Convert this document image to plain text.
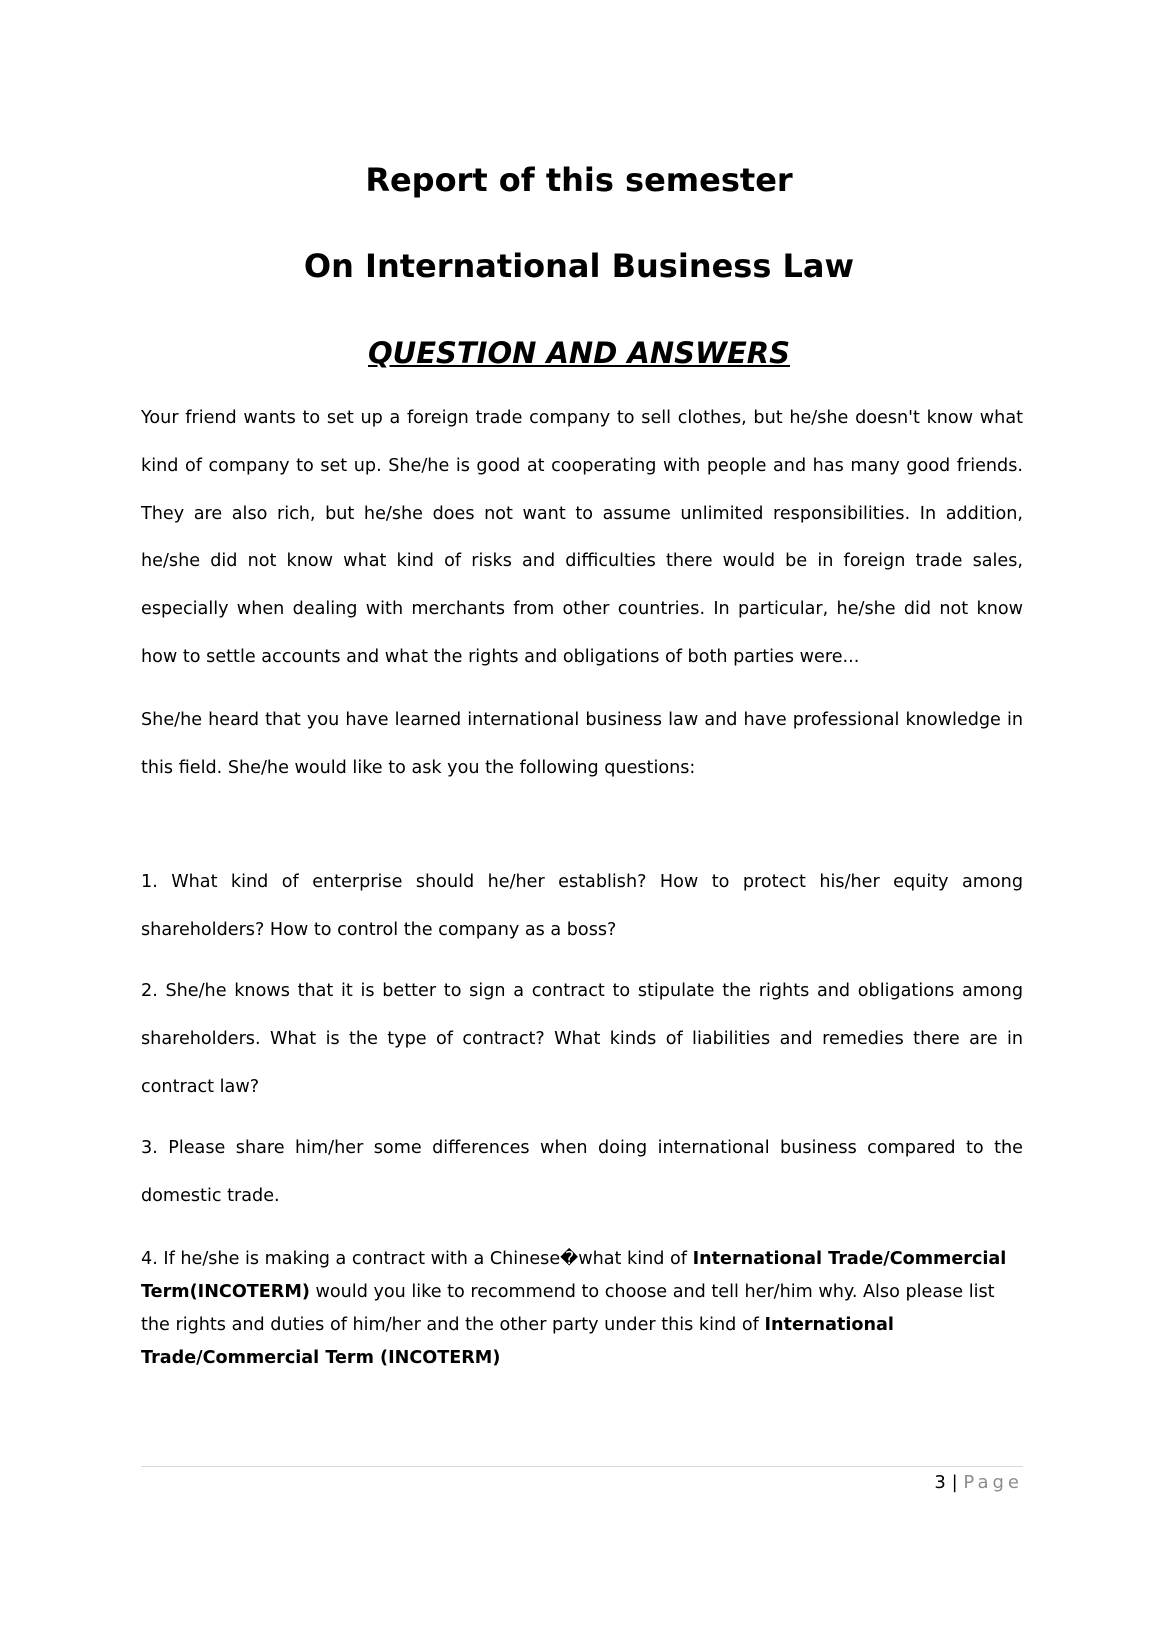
Report of this semester
On International Business Law
QUESTION AND ANSWERS
Your friend wants to set up a foreign trade company to sell clothes, but he/she doesn't know what kind of company to set up. She/he is good at cooperating with people and has many good friends. They are also rich, but he/she does not want to assume unlimited responsibilities. In addition, he/she did not know what kind of risks and difficulties there would be in foreign trade sales, especially when dealing with merchants from other countries. In particular, he/she did not know how to settle accounts and what the rights and obligations of both parties were...
She/he heard that you have learned international business law and have professional knowledge in this field. She/he would like to ask you the following questions:
1. What kind of enterprise should he/her establish? How to protect his/her equity among shareholders? How to control the company as a boss?
2. She/he knows that it is better to sign a contract to stipulate the rights and obligations among shareholders. What is the type of contract? What kinds of liabilities and remedies there are in contract law?
3. Please share him/her some differences when doing international business compared to the domestic trade.
4. If he/she is making a contract with a Chinese�what kind of International Trade/Commercial Term(INCOTERM) would you like to recommend to choose and tell her/him why. Also please list the rights and duties of him/her and the other party under this kind of International Trade/Commercial Term (INCOTERM)
3 | Page
